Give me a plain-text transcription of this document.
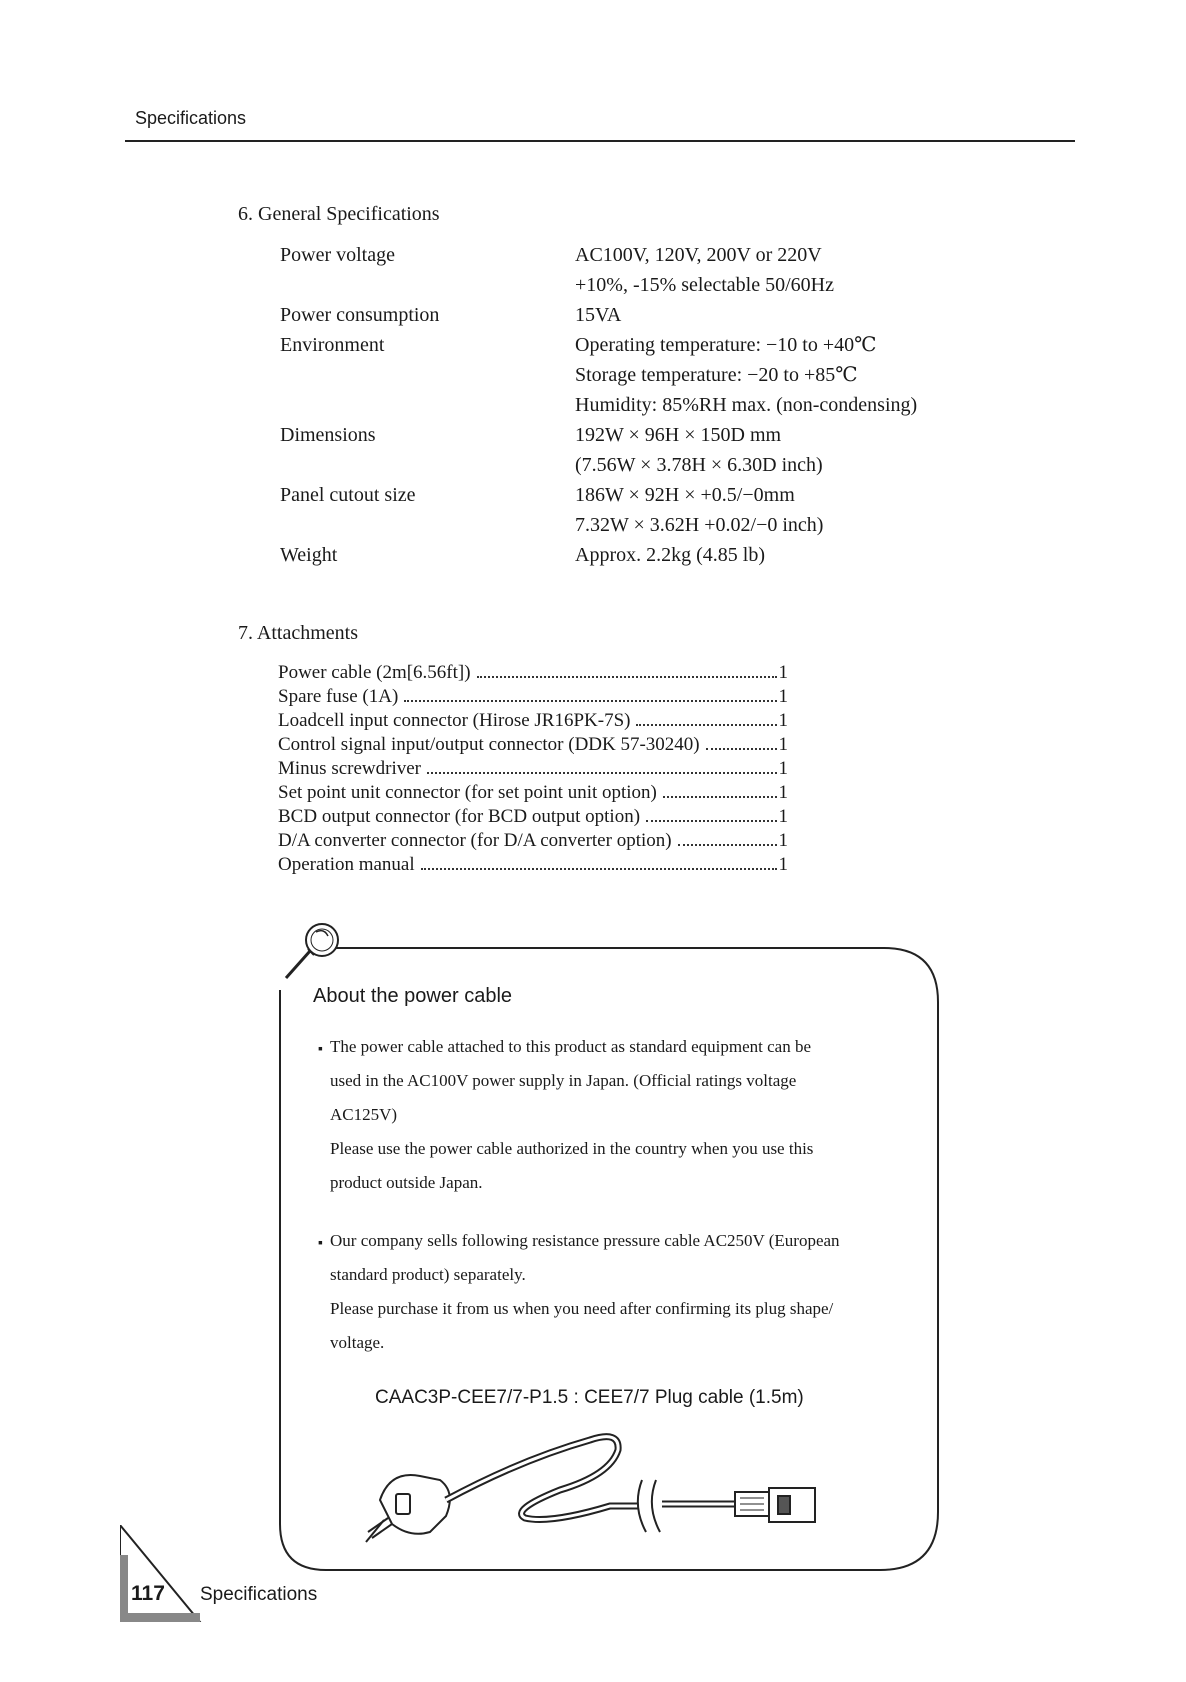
Specifications
6. General Specifications
Power voltage	AC100V, 120V, 200V or 220V
+10%, -15% selectable 50/60Hz
Power consumption	15VA
Environment	Operating temperature: −10 to +40℃
Storage temperature: −20 to +85℃
Humidity: 85%RH max. (non-condensing)
Dimensions	192W × 96H × 150D mm
(7.56W × 3.78H × 6.30D inch)
Panel cutout size	186W × 92H × +0.5/−0mm
7.32W × 3.62H +0.02/−0 inch)
Weight	Approx. 2.2kg (4.85 lb)
7. Attachments
Power cable (2m[6.56ft])	1
Spare fuse (1A)	1
Loadcell input connector (Hirose JR16PK-7S)	1
Control signal input/output connector (DDK 57-30240)	1
Minus screwdriver	1
Set point unit connector (for set point unit option)	1
BCD output connector (for BCD output option)	1
D/A converter connector (for D/A converter option)	1
Operation manual	1
About the power cable
▪ The power cable attached to this product as standard equipment can be
used in the AC100V power supply in Japan. (Official ratings voltage
AC125V)
Please use the power cable authorized in the country when you use this
product outside Japan.
▪ Our company sells following resistance pressure cable AC250V (European
standard product) separately.
Please purchase it from us when you need after confirming its plug shape/
voltage.
CAAC3P-CEE7/7-P1.5 : CEE7/7 Plug cable (1.5m)
117 Specifications
